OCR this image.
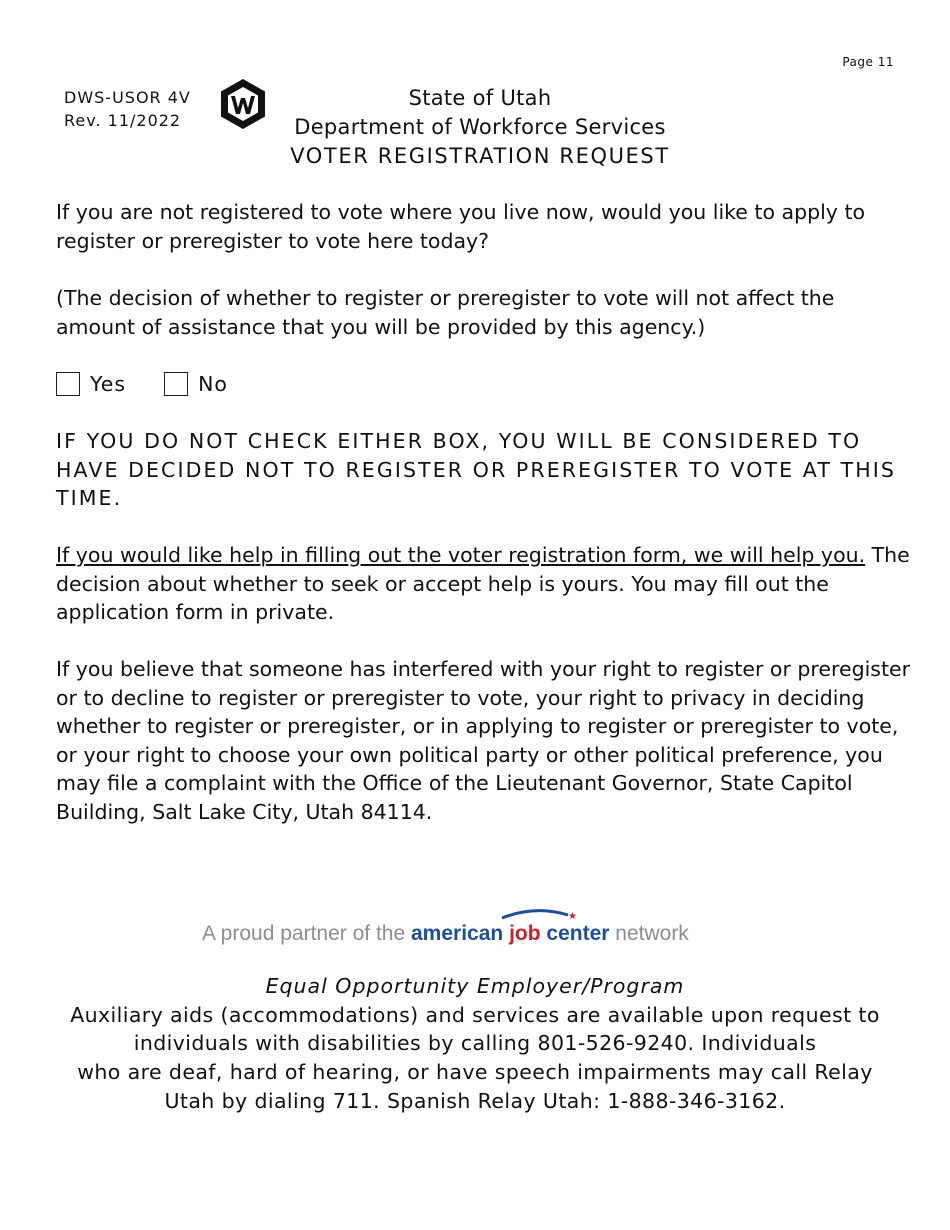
Page 11
DWS-USOR 4V
Rev. 11/2022
State of Utah
Department of Workforce Services
VOTER REGISTRATION REQUEST
If you are not registered to vote where you live now, would you like to apply to register or preregister to vote here today?
(The decision of whether to register or preregister to vote will not affect the amount of assistance that you will be provided by this agency.)
Yes	No
IF YOU DO NOT CHECK EITHER BOX, YOU WILL BE CONSIDERED TO HAVE DECIDED NOT TO REGISTER OR PREREGISTER TO VOTE AT THIS TIME.
If you would like help in filling out the voter registration form, we will help you. The decision about whether to seek or accept help is yours. You may fill out the application form in private.
If you believe that someone has interfered with your right to register or preregister or to decline to register or preregister to vote, your right to privacy in deciding whether to register or preregister, or in applying to register or preregister to vote, or your right to choose your own political party or other political preference, you may file a complaint with the Office of the Lieutenant Governor, State Capitol Building, Salt Lake City, Utah 84114.
★
A proud partner of the american job center network
Equal Opportunity Employer/Program
Auxiliary aids (accommodations) and services are available upon request to
individuals with disabilities by calling 801-526-9240. Individuals
who are deaf, hard of hearing, or have speech impairments may call Relay
Utah by dialing 711. Spanish Relay Utah: 1-888-346-3162.
